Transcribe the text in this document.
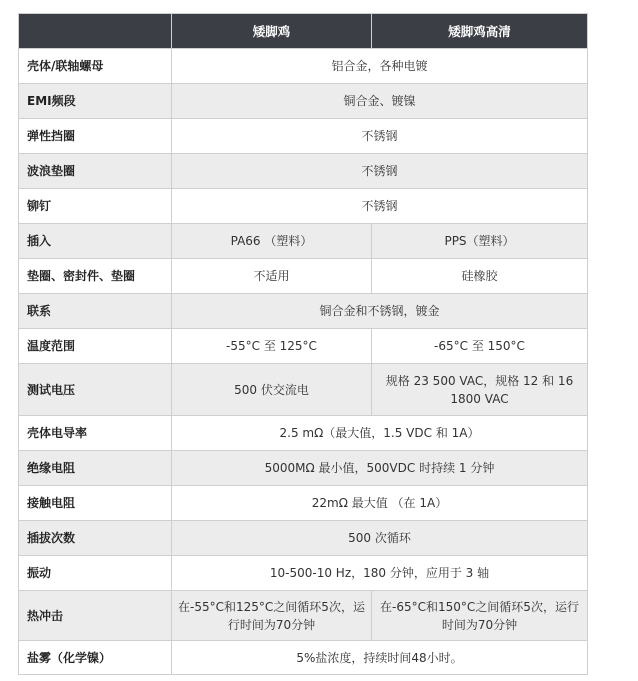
	矮脚鸡	矮脚鸡高清
壳体/联轴螺母	铝合金，各种电镀	
EMI频段	铜合金、镀镍	
弹性挡圈	不锈钢	
波浪垫圈	不锈钢	
铆钉	不锈钢	
插入	PA66 （塑料）	PPS（塑料）
垫圈、密封件、垫圈	不适用	硅橡胶
联系	铜合金和不锈钢，镀金	
温度范围	-55°C 至 125°C	-65°C 至 150°C
测试电压	500 伏交流电	规格 23 500 VAC，规格 12 和 16 1800 VAC
壳体电导率	2.5 mΩ（最大值，1.5 VDC 和 1A）	
绝缘电阻	5000MΩ 最小值，500VDC 时持续 1 分钟	
接触电阻	22mΩ 最大值 （在 1A）	
插拔次数	500 次循环	
振动	10-500-10 Hz，180 分钟，应用于 3 轴	
热冲击	在-55°C和125°C之间循环5次，运行时间为70分钟	在-65°C和150°C之间循环5次，运行时间为70分钟
盐雾（化学镍）	5%盐浓度，持续时间48小时。	
